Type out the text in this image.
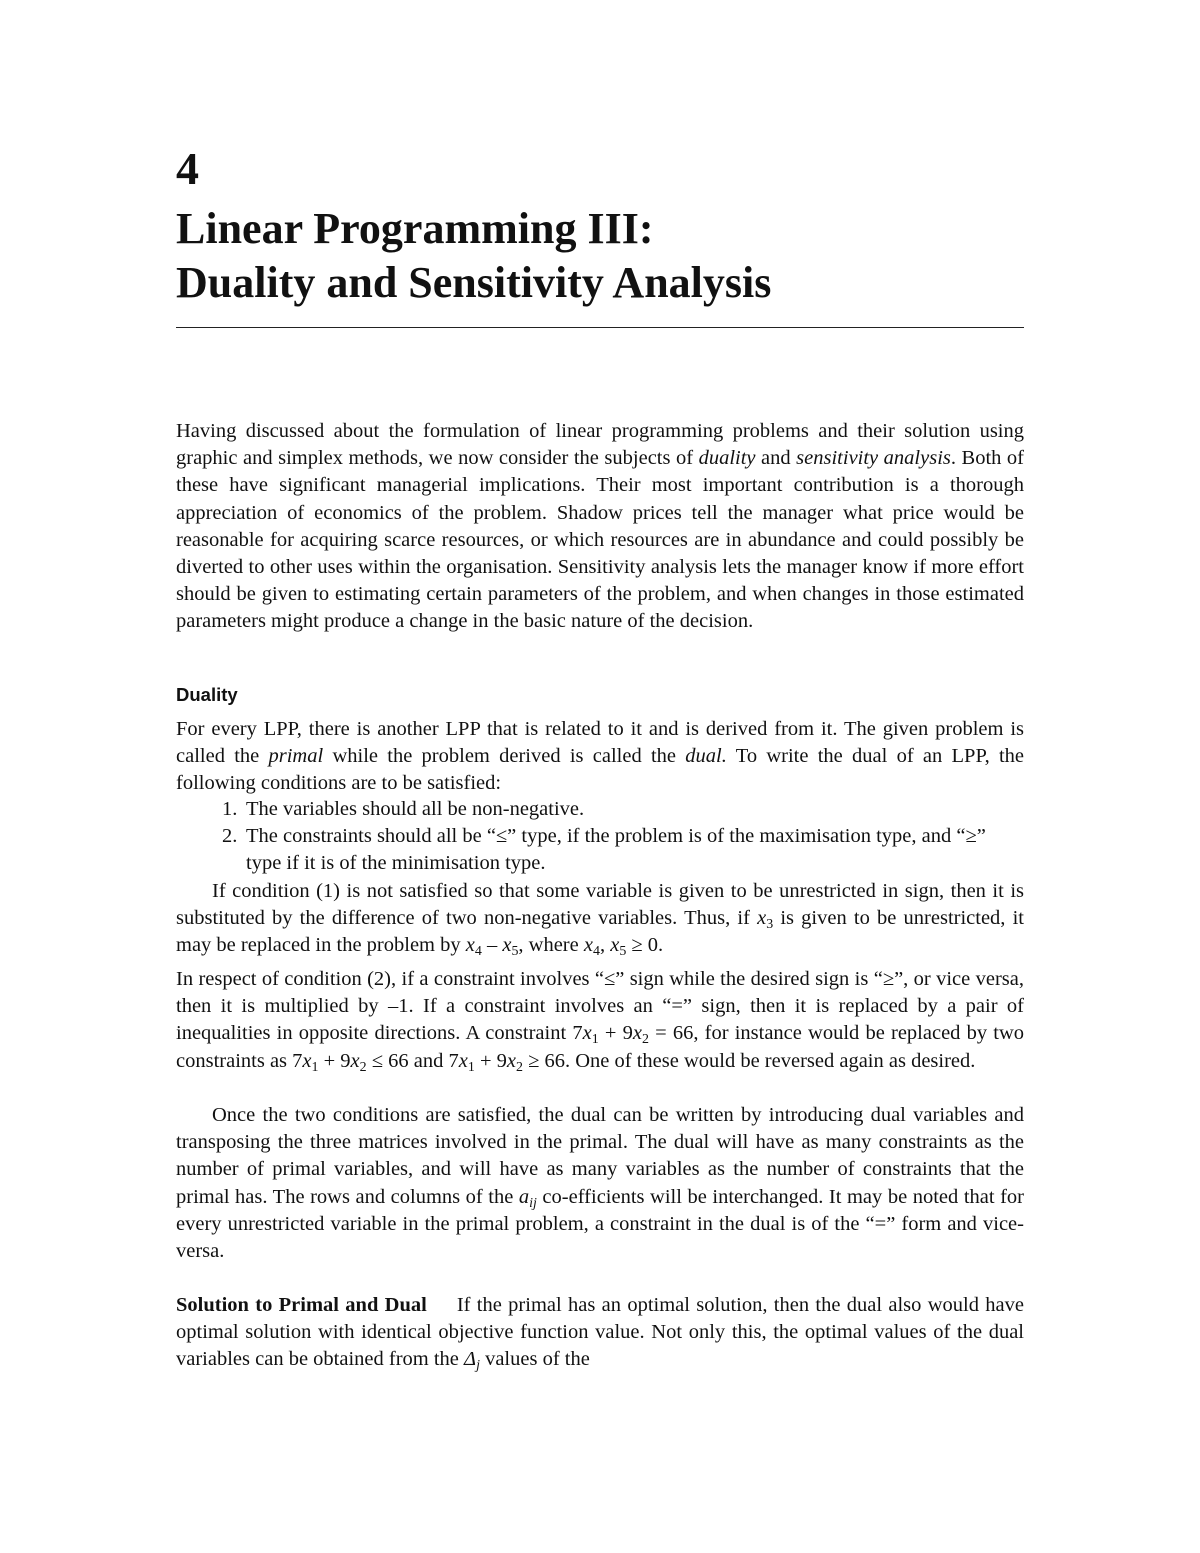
4
Linear Programming III:
Duality and Sensitivity Analysis

Having discussed about the formulation of linear programming problems and their solution using graphic and simplex methods, we now consider the subjects of duality and sensitivity analysis. Both of these have significant managerial implications. Their most important contribution is a thorough appreciation of economics of the problem. Shadow prices tell the manager what price would be reasonable for acquiring scarce resources, or which resources are in abundance and could possibly be diverted to other uses within the organisation. Sensitivity analysis lets the manager know if more effort should be given to estimating certain parameters of the problem, and when changes in those estimated parameters might produce a change in the basic nature of the decision.

Duality

For every LPP, there is another LPP that is related to it and is derived from it. The given problem is called the primal while the problem derived is called the dual. To write the dual of an LPP, the following conditions are to be satisfied:

1. The variables should all be non-negative.
2. The constraints should all be “≤” type, if the problem is of the maximisation type, and “≥” type if it is of the minimisation type.

If condition (1) is not satisfied so that some variable is given to be unrestricted in sign, then it is substituted by the difference of two non-negative variables. Thus, if $x_3$ is given to be unrestricted, it may be replaced in the problem by $x_4 - x_5$, where $x_4$, $x_5 \ge 0$.

In respect of condition (2), if a constraint involves “≤” sign while the desired sign is “≥”, or vice versa, then it is multiplied by –1. If a constraint involves an “=” sign, then it is replaced by a pair of inequalities in opposite directions. A constraint $7x_1 + 9x_2 = 66$, for instance would be replaced by two constraints as $7x_1 + 9x_2 \le 66$ and $7x_1 + 9x_2 \ge 66$. One of these would be reversed again as desired.

Once the two conditions are satisfied, the dual can be written by introducing dual variables and transposing the three matrices involved in the primal. The dual will have as many constraints as the number of primal variables, and will have as many variables as the number of constraints that the primal has. The rows and columns of the $a_{ij}$ co-efficients will be interchanged. It may be noted that for every unrestricted variable in the primal problem, a constraint in the dual is of the “=” form and vice-versa.

Solution to Primal and Dual If the primal has an optimal solution, then the dual also would have optimal solution with identical objective function value. Not only this, the optimal values of the dual variables can be obtained from the $\Delta_j$ values of the
